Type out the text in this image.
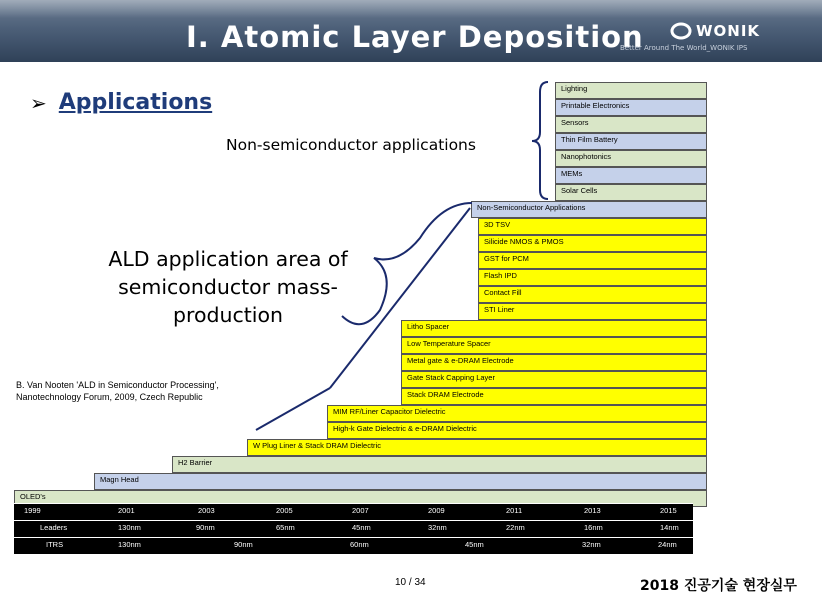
I. Atomic Layer Deposition	WONIK
Better Around The World_WONIK IPS
➢ Applications
Non-semiconductor applications
ALD application area of semiconductor mass-production
B. Van Nooten 'ALD in Semiconductor Processing',
Nanotechnology Forum, 2009, Czech Republic
Lighting
Printable Electronics
Sensors
Thin Film Battery
Nanophotonics
MEMs
Solar Cells
Non-Semiconductor Applications
3D TSV
Silicide NMOS & PMOS
GST for PCM
Flash IPD
Contact Fill
STI Liner
Litho Spacer
Low Temperature Spacer
Metal gate & e-DRAM Electrode
Gate Stack Capping Layer
Stack DRAM Electrode
MIM RF/Liner Capacitor Dielectric
High-k Gate Dielectric & e-DRAM Dielectric
W Plug Liner & Stack DRAM Dielectric
H2 Barrier
Magn Head
OLED's
1999	2001	2003	2005	2007	2009	2011	2013	2015
Leaders	130nm	90nm	65nm	45nm	32nm	22nm	16nm	14nm
ITRS	130nm	90nm	60nm	45nm	32nm	24nm
10 / 34	2018 진공기술 현장실무
